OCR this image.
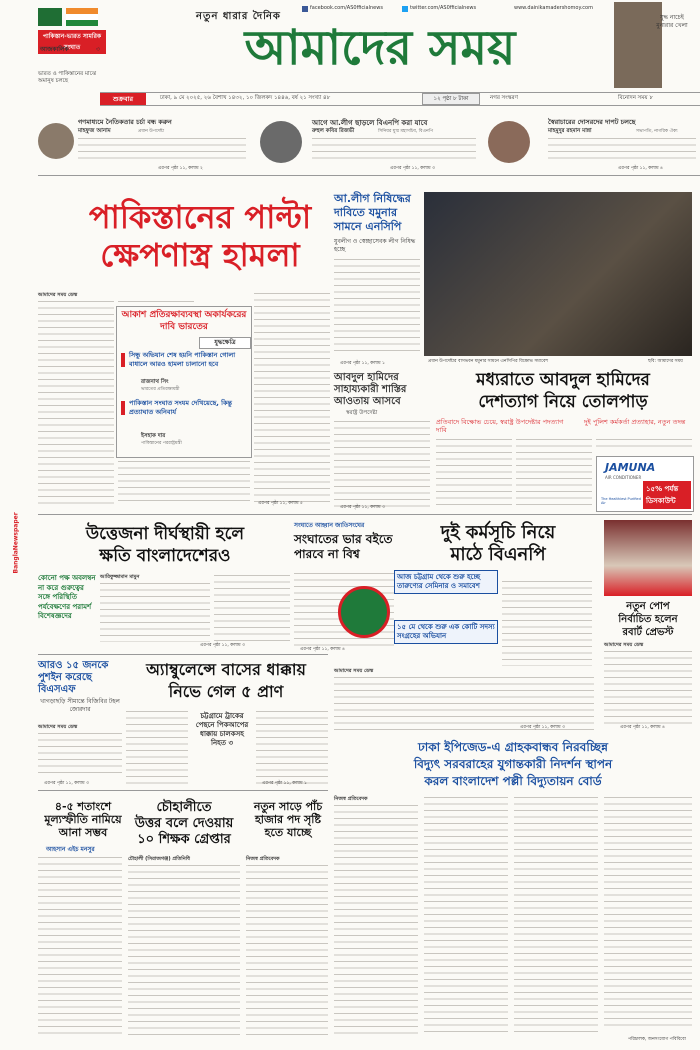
পাকিস্তান-ভারত সামরিক সংঘাত
আজকালিক	৩
ভারত ও পাকিস্তানের মাঝে অমানুষ চলছে
নতুন ধারার দৈনিক
আমাদের সময়
facebook.com/AS0fficialnews	twitter.com/AS0fficialnews	www.dainikamadershomoy.com
যুদ্ধ নাচেই মুনারার খেলা
শুক্রবার	ঢাকা, ৯ মে ২০২৫, ২৬ বৈশাখ ১৪৩২, ১০ জিলকদ ১৪৪৬, বর্ষ ২১ সংখ্যা ৪৮	১২ পৃষ্ঠা ৮ টাকা	নগর সংস্করণ	বিনোদন সময় ৮
গণমাধ্যমে নৈতিকতার চর্চা বন্ধ করুন
মাহফুজ আনাম	প্রধান উপদেষ্টা
এরপর পৃষ্ঠা ১১, কলাম ২
আগে আ.লীগ ছাড়লে বিএনপি করা যাবে
রুহুল কবির রিজভী	সিনিয়র যুগ্ম মহাসচিব, বিএনপি
এরপর পৃষ্ঠা ১১, কলাম ৩
স্বৈরাচারের দোসরদের দাপট চলছে
মাহমুদুর রহমান মান্না	সভাপতি, নাগরিক ঐক্য
এরপর পৃষ্ঠা ১১, কলাম ৪
BanglaNewspaper
পাকিস্তানের পাল্টা
ক্ষেপণাস্ত্র হামলা
আমাদের সময় ডেস্ক
আকাশ প্রতিরক্ষাব্যবস্থা অকার্যকরের দাবি ভারতের
যুদ্ধক্ষেত্রি
সিন্ধু অভিযান শেষ হয়নি পাকিস্তান গোলা বাধালে আরও হামলা চালানো হবে
রাজনাথ সিং
ভারতের প্রতিরক্ষামন্ত্রী
পাকিস্তান সংঘাত সংযম দেখিয়েছে, কিন্তু প্রত্যাঘাত অনিবার্য
ইসহাক দার
পাকিস্তানের পররাষ্ট্রমন্ত্রী
এরপর পৃষ্ঠা ১১, কলাম ৫
আ.লীগ নিষিদ্ধের দাবিতে যমুনার সামনে এনসিপি
যুবলীগ ও স্বেচ্ছাসেবক লীগ নিষিদ্ধ হচ্ছে
এরপর পৃষ্ঠা ১১, কলাম ১	প্রধান উপদেষ্টার বাসভবন যমুনার সামনে এনসিপির বিক্ষোভ সমাবেশ	ছবি: আমাদের সময়
আবদুল হামিদের সাহায্যকারী শাস্তির আওতায় আসবে
স্বরাষ্ট্র উপদেষ্টা
মধ্যরাতে আবদুল হামিদের
দেশত্যাগ নিয়ে তোলপাড়
প্রতিবাদে বিক্ষোভ চেয়ে, স্বরাষ্ট্র উপদেষ্টার পদত্যাগ দাবি
দুই পুলিশ কর্মকর্তা প্রত্যাহার, নতুন তদন্ত
এরপর পৃষ্ঠা ১১, কলাম ৩
JAMUNA
AIR CONDITIONER
১৫% পর্যন্ত
ডিসকাউন্ট
The Healthiest Purified Air
উত্তেজনা দীর্ঘস্থায়ী হলে
ক্ষতি বাংলাদেশেরও
কোনো পক্ষ অবলম্বন না করে গুরুত্বের সঙ্গে পরিস্থিতি পর্যবেক্ষণের পরামর্শ বিশেষজ্ঞদের
আরিফুজ্জামান মামুন
এরপর পৃষ্ঠা ১১, কলাম ৩
সংঘাতে আহ্বান জাতিসংঘের
সংঘাতের ভার বইতে পারবে না বিশ্ব
এরপর পৃষ্ঠা ১১, কলাম ৪
দুই কর্মসূচি নিয়ে
মাঠে বিএনপি
আজ চট্টগ্রাম থেকে শুরু হচ্ছে তারুণ্যের সেমিনার ও সমাবেশ
১৫ মে থেকে শুরু এক কোটি সদস্য সংগ্রহের অভিযান
আমাদের সময় ডেস্ক
এরপর পৃষ্ঠা ১১, কলাম ৩
নতুন পোপ
নির্বাচিত হলেন
রবার্ট প্রেভস্ট
আমাদের সময় ডেস্ক
এরপর পৃষ্ঠা ১১, কলাম ৪
আরও ১৫ জনকে পুশইন করেছে বিএসএফ
খাগড়াছড়ি সীমান্তে বিজিবির টহল জোরদার
আমাদের সময় ডেস্ক
এরপর পৃষ্ঠা ১১, কলাম ৩
অ্যাম্বুলেন্সে বাসের ধাক্কায়
নিভে গেল ৫ প্রাণ
চট্টগ্রামে ট্রাকের পেছনে পিকআপের ধাক্কায় চালকসহ নিহত ৩
এরপর পৃষ্ঠা ১১, কলাম ১
ঢাকা ইপিজেড-এ গ্রাহকবান্ধব নিরবচ্ছিন্ন
বিদ্যুৎ সরবরাহের যুগান্তকারী নিদর্শন স্থাপন
করল বাংলাদেশ পল্লী বিদ্যুতায়ন বোর্ড
নিজস্ব প্রতিবেদক
পরিচালক, জনসংযোগ পবিবিবো
৪-৫ শতাংশে
মূল্যস্ফীতি নামিয়ে
আনা সম্ভব
আহসান এইচ মনসুর
চৌহালীতে
উত্তর বলে দেওয়ায়
১০ শিক্ষক গ্রেপ্তার
চৌহালী (সিরাজগঞ্জ) প্রতিনিধি
নতুন সাড়ে পাঁচ
হাজার পদ সৃষ্টি
হতে যাচ্ছে
নিজস্ব প্রতিবেদক
